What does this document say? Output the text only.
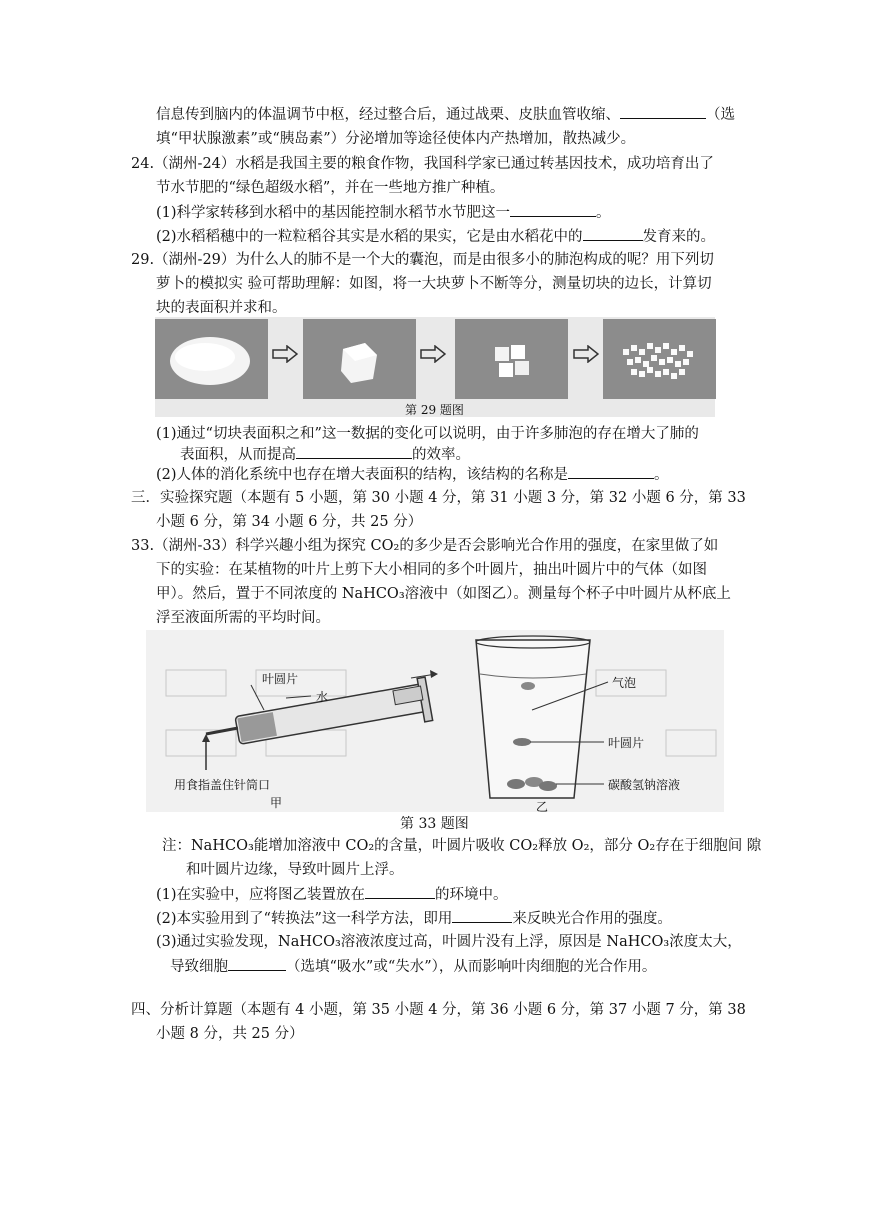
信息传到脑内的体温调节中枢，经过整合后，通过战栗、皮肤血管收缩、	（选
填“甲状腺激素”或“胰岛素”）分泌增加等途径使体内产热增加，散热减少。
24.（湖州-24）水稻是我国主要的粮食作物，我国科学家已通过转基因技术，成功培育出了
节水节肥的“绿色超级水稻”，并在一些地方推广种植。
(1)科学家转移到水稻中的基因能控制水稻节水节肥这一	。
(2)水稻稻穗中的一粒粒稻谷其实是水稻的果实，它是由水稻花中的	发育来的。
29.（湖州-29）为什么人的肺不是一个大的囊泡，而是由很多小的肺泡构成的呢？用下列切
萝卜的模拟实 验可帮助理解：如图，将一大块萝卜不断等分，测量切块的边长，计算切
块的表面积并求和。
第 29 题图
(1)通过“切块表面积之和”这一数据的变化可以说明，由于许多肺泡的存在增大了肺的
表面积，从而提高	的效率。
(2)人体的消化系统中也存在增大表面积的结构，该结构的名称是	。
三．实验探究题（本题有 5 小题，第 30 小题 4 分，第 31 小题 3 分，第 32 小题 6 分，第 33
小题 6 分，第 34 小题 6 分，共 25 分）
33.（湖州-33）科学兴趣小组为探究 CO₂的多少是否会影响光合作用的强度，在家里做了如
下的实验：在某植物的叶片上剪下大小相同的多个叶圆片，抽出叶圆片中的气体（如图
甲）。然后，置于不同浓度的 NaHCO₃溶液中（如图乙）。测量每个杯子中叶圆片从杯底上
浮至液面所需的平均时间。
叶圆片
水
用食指盖住针筒口
甲
气泡
叶圆片
碳酸氢钠溶液
乙
第 33 题图
注：NaHCO₃能增加溶液中 CO₂的含量，叶圆片吸收 CO₂释放 O₂，部分 O₂存在于细胞间 隙
和叶圆片边缘，导致叶圆片上浮。
(1)在实验中，应将图乙装置放在	的环境中。
(2)本实验用到了“转换法”这一科学方法，即用	来反映光合作用的强度。
(3)通过实验发现，NaHCO₃溶液浓度过高，叶圆片没有上浮，原因是 NaHCO₃浓度太大，
导致细胞	（选填“吸水”或“失水”），从而影响叶肉细胞的光合作用。
四、分析计算题（本题有 4 小题，第 35 小题 4 分，第 36 小题 6 分，第 37 小题 7 分，第 38
小题 8 分，共 25 分）
